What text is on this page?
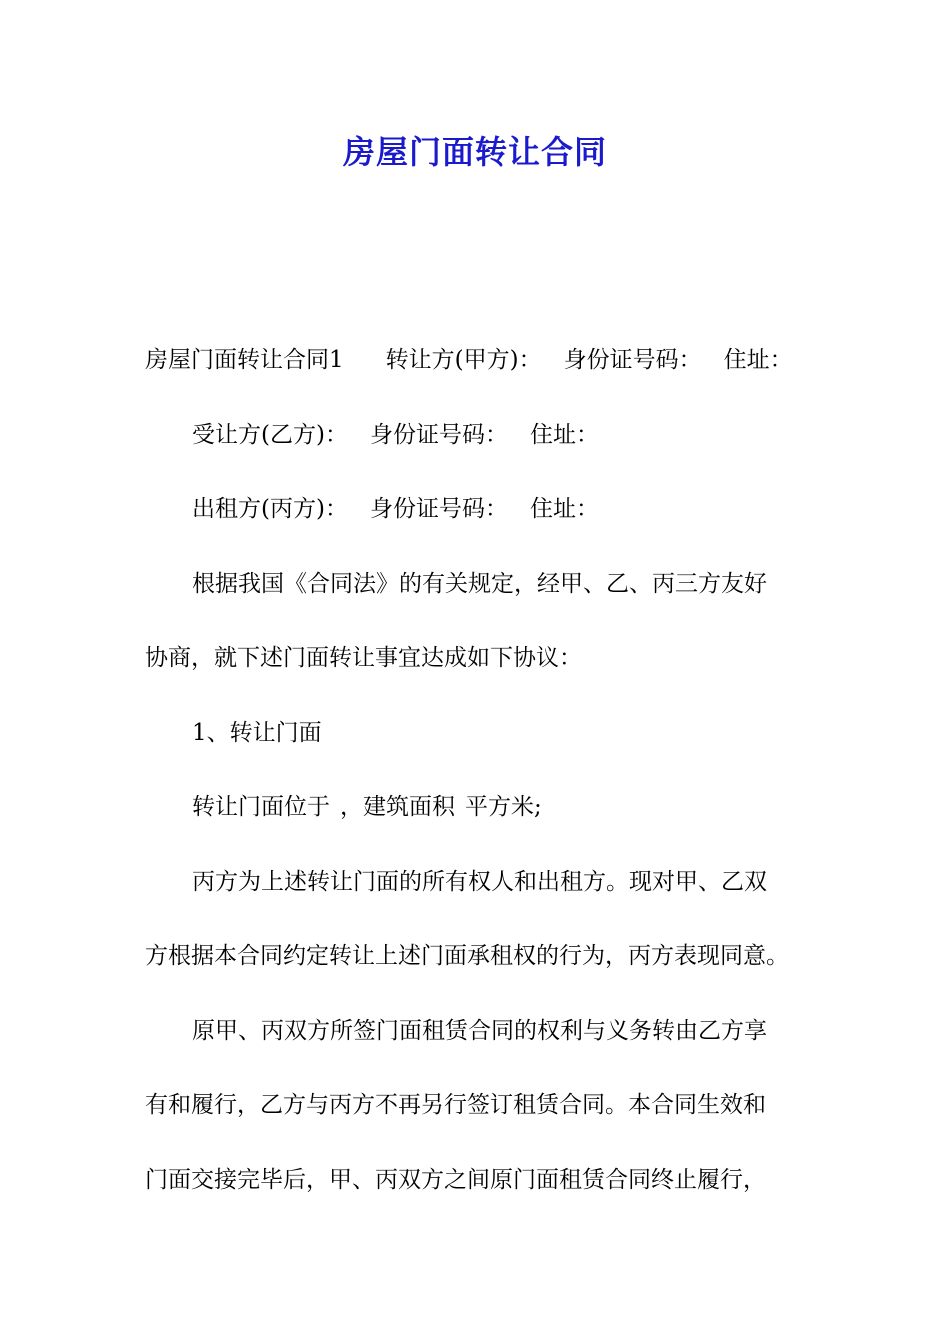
房屋门面转让合同

房屋门面转让合同1 转让方(甲方)： 身份证号码： 住址：

受让方(乙方)： 身份证号码： 住址：

出租方(丙方)： 身份证号码： 住址：

根据我国《合同法》的有关规定，经甲、乙、丙三方友好

协商，就下述门面转让事宜达成如下协议：

1、转让门面

转让门面位于 ，建筑面积 平方米;

丙方为上述转让门面的所有权人和出租方。现对甲、乙双

方根据本合同约定转让上述门面承租权的行为，丙方表现同意。

原甲、丙双方所签门面租赁合同的权利与义务转由乙方享

有和履行，乙方与丙方不再另行签订租赁合同。本合同生效和

门面交接完毕后，甲、丙双方之间原门面租赁合同终止履行，
